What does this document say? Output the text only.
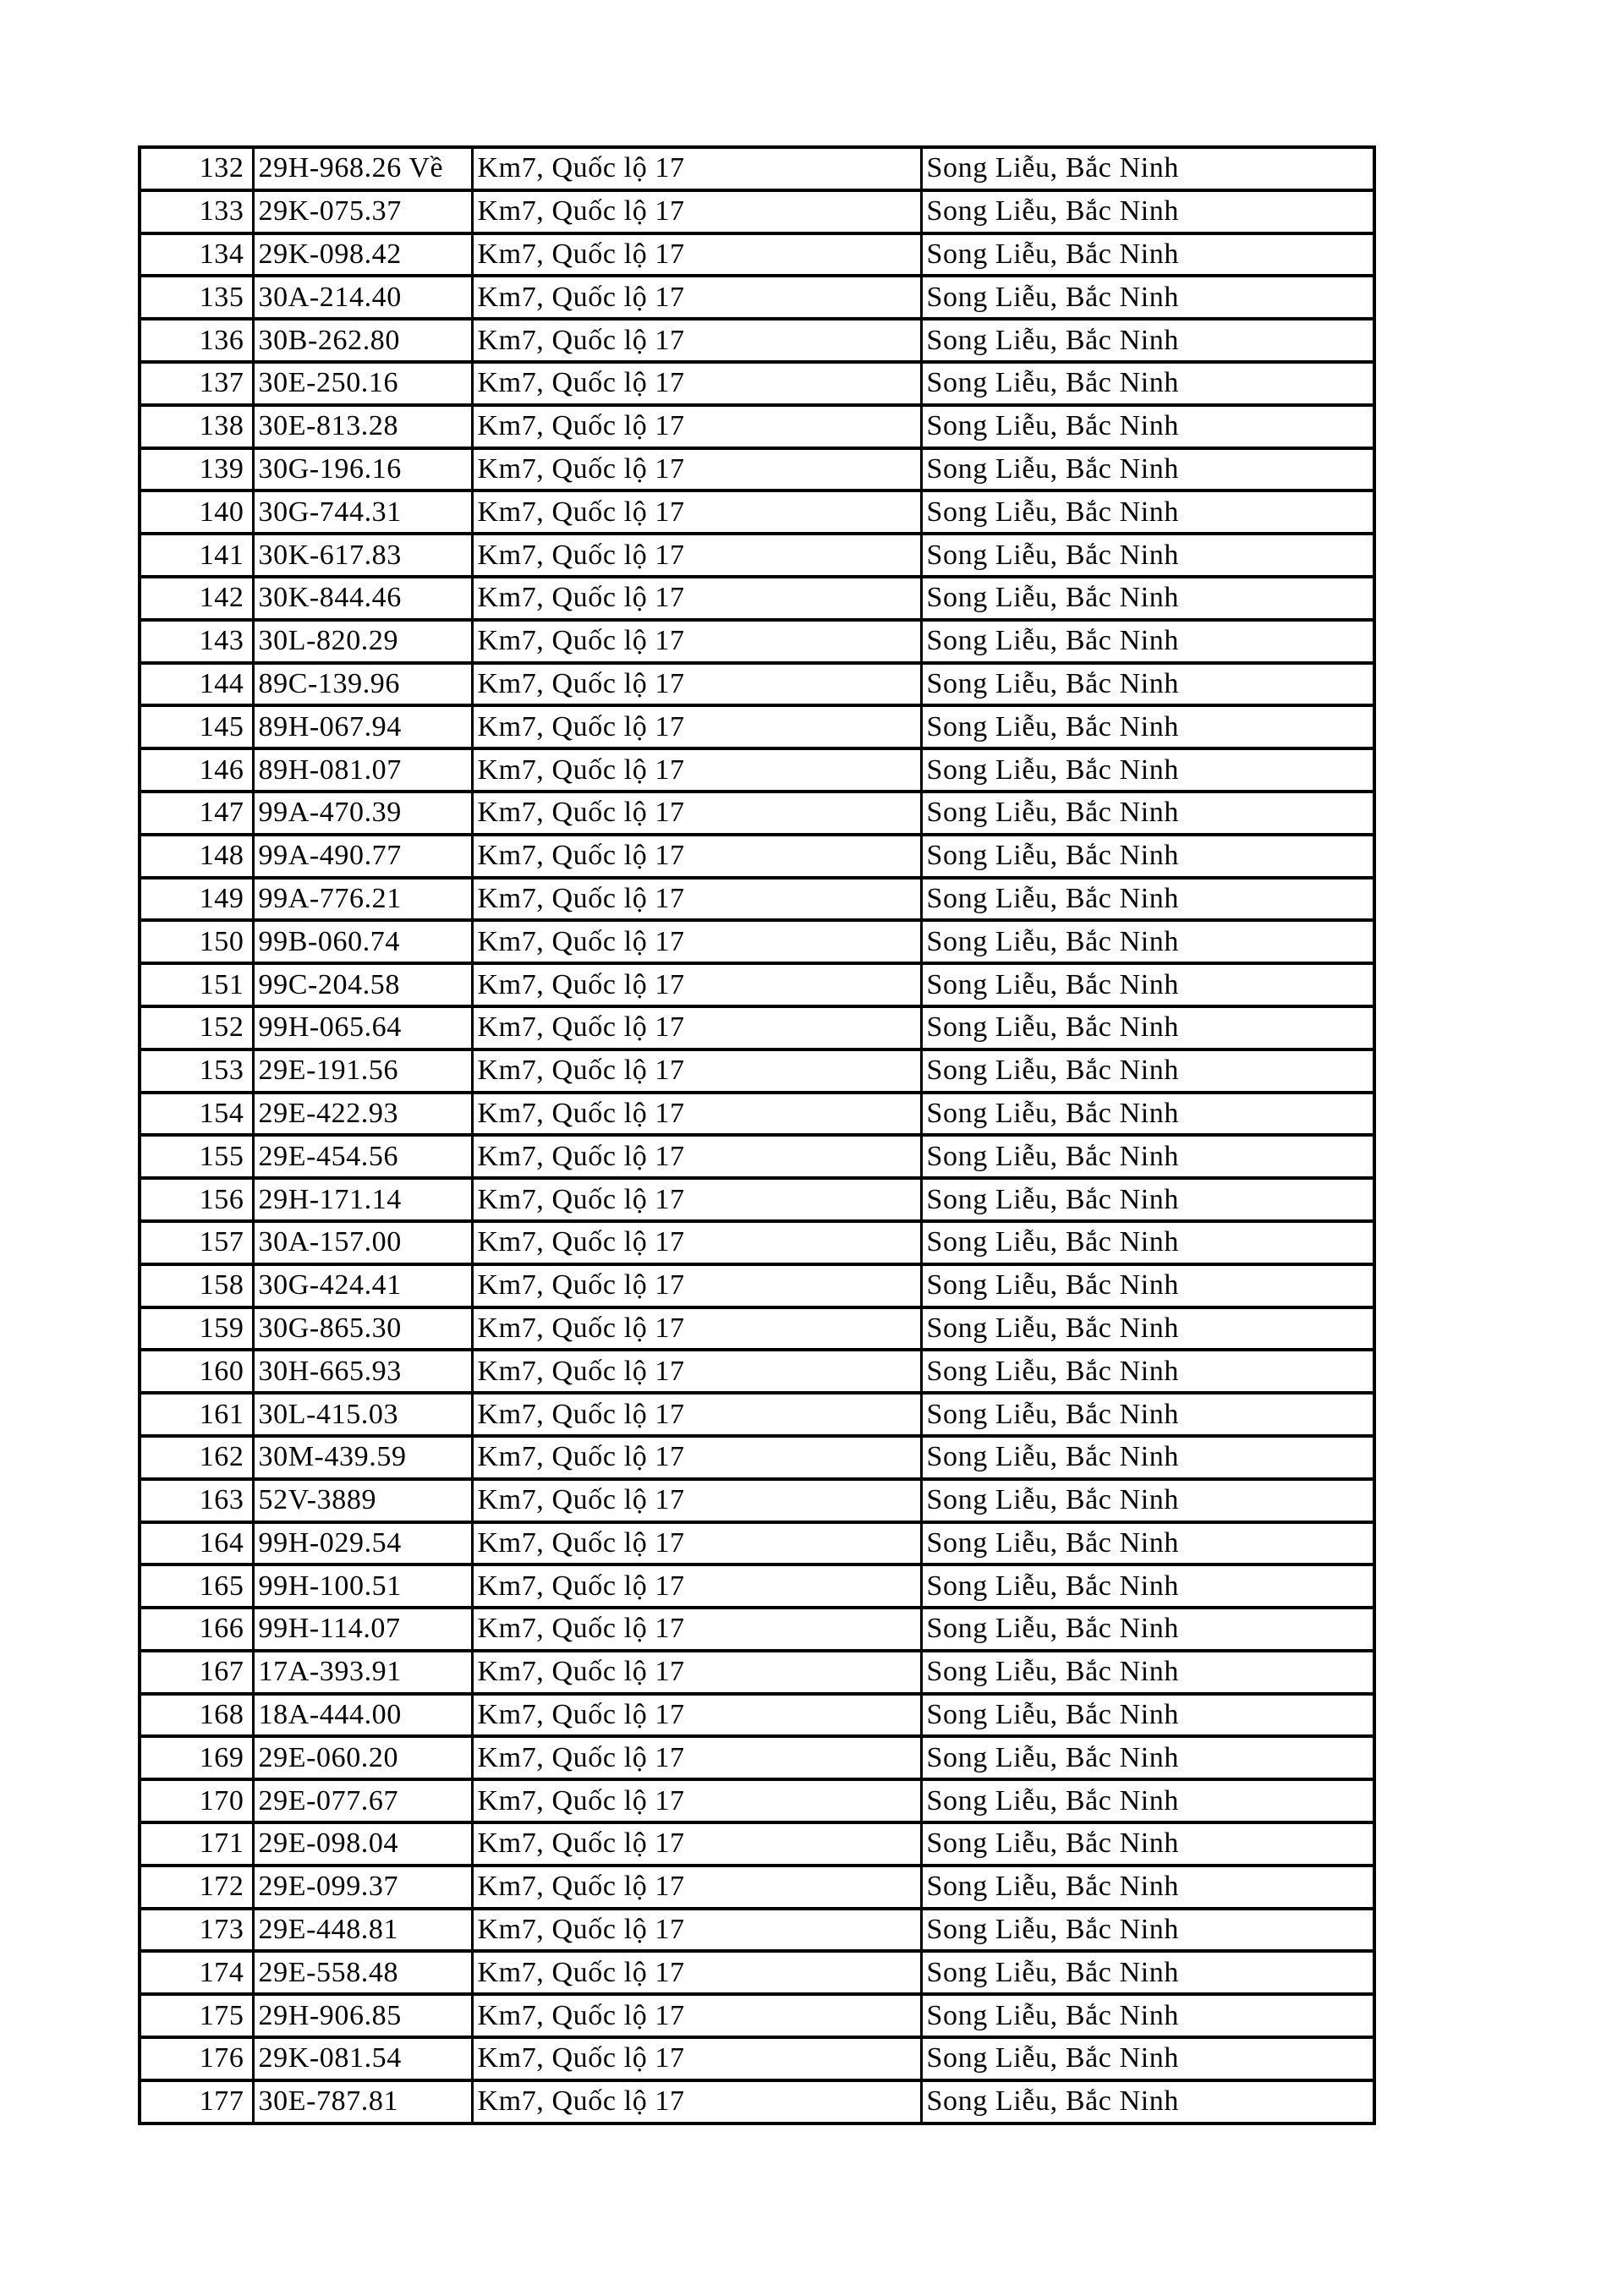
132	29H-968.26 Về	Km7, Quốc lộ 17	Song Liễu, Bắc Ninh
133	29K-075.37	Km7, Quốc lộ 17	Song Liễu, Bắc Ninh
134	29K-098.42	Km7, Quốc lộ 17	Song Liễu, Bắc Ninh
135	30A-214.40	Km7, Quốc lộ 17	Song Liễu, Bắc Ninh
136	30B-262.80	Km7, Quốc lộ 17	Song Liễu, Bắc Ninh
137	30E-250.16	Km7, Quốc lộ 17	Song Liễu, Bắc Ninh
138	30E-813.28	Km7, Quốc lộ 17	Song Liễu, Bắc Ninh
139	30G-196.16	Km7, Quốc lộ 17	Song Liễu, Bắc Ninh
140	30G-744.31	Km7, Quốc lộ 17	Song Liễu, Bắc Ninh
141	30K-617.83	Km7, Quốc lộ 17	Song Liễu, Bắc Ninh
142	30K-844.46	Km7, Quốc lộ 17	Song Liễu, Bắc Ninh
143	30L-820.29	Km7, Quốc lộ 17	Song Liễu, Bắc Ninh
144	89C-139.96	Km7, Quốc lộ 17	Song Liễu, Bắc Ninh
145	89H-067.94	Km7, Quốc lộ 17	Song Liễu, Bắc Ninh
146	89H-081.07	Km7, Quốc lộ 17	Song Liễu, Bắc Ninh
147	99A-470.39	Km7, Quốc lộ 17	Song Liễu, Bắc Ninh
148	99A-490.77	Km7, Quốc lộ 17	Song Liễu, Bắc Ninh
149	99A-776.21	Km7, Quốc lộ 17	Song Liễu, Bắc Ninh
150	99B-060.74	Km7, Quốc lộ 17	Song Liễu, Bắc Ninh
151	99C-204.58	Km7, Quốc lộ 17	Song Liễu, Bắc Ninh
152	99H-065.64	Km7, Quốc lộ 17	Song Liễu, Bắc Ninh
153	29E-191.56	Km7, Quốc lộ 17	Song Liễu, Bắc Ninh
154	29E-422.93	Km7, Quốc lộ 17	Song Liễu, Bắc Ninh
155	29E-454.56	Km7, Quốc lộ 17	Song Liễu, Bắc Ninh
156	29H-171.14	Km7, Quốc lộ 17	Song Liễu, Bắc Ninh
157	30A-157.00	Km7, Quốc lộ 17	Song Liễu, Bắc Ninh
158	30G-424.41	Km7, Quốc lộ 17	Song Liễu, Bắc Ninh
159	30G-865.30	Km7, Quốc lộ 17	Song Liễu, Bắc Ninh
160	30H-665.93	Km7, Quốc lộ 17	Song Liễu, Bắc Ninh
161	30L-415.03	Km7, Quốc lộ 17	Song Liễu, Bắc Ninh
162	30M-439.59	Km7, Quốc lộ 17	Song Liễu, Bắc Ninh
163	52V-3889	Km7, Quốc lộ 17	Song Liễu, Bắc Ninh
164	99H-029.54	Km7, Quốc lộ 17	Song Liễu, Bắc Ninh
165	99H-100.51	Km7, Quốc lộ 17	Song Liễu, Bắc Ninh
166	99H-114.07	Km7, Quốc lộ 17	Song Liễu, Bắc Ninh
167	17A-393.91	Km7, Quốc lộ 17	Song Liễu, Bắc Ninh
168	18A-444.00	Km7, Quốc lộ 17	Song Liễu, Bắc Ninh
169	29E-060.20	Km7, Quốc lộ 17	Song Liễu, Bắc Ninh
170	29E-077.67	Km7, Quốc lộ 17	Song Liễu, Bắc Ninh
171	29E-098.04	Km7, Quốc lộ 17	Song Liễu, Bắc Ninh
172	29E-099.37	Km7, Quốc lộ 17	Song Liễu, Bắc Ninh
173	29E-448.81	Km7, Quốc lộ 17	Song Liễu, Bắc Ninh
174	29E-558.48	Km7, Quốc lộ 17	Song Liễu, Bắc Ninh
175	29H-906.85	Km7, Quốc lộ 17	Song Liễu, Bắc Ninh
176	29K-081.54	Km7, Quốc lộ 17	Song Liễu, Bắc Ninh
177	30E-787.81	Km7, Quốc lộ 17	Song Liễu, Bắc Ninh
